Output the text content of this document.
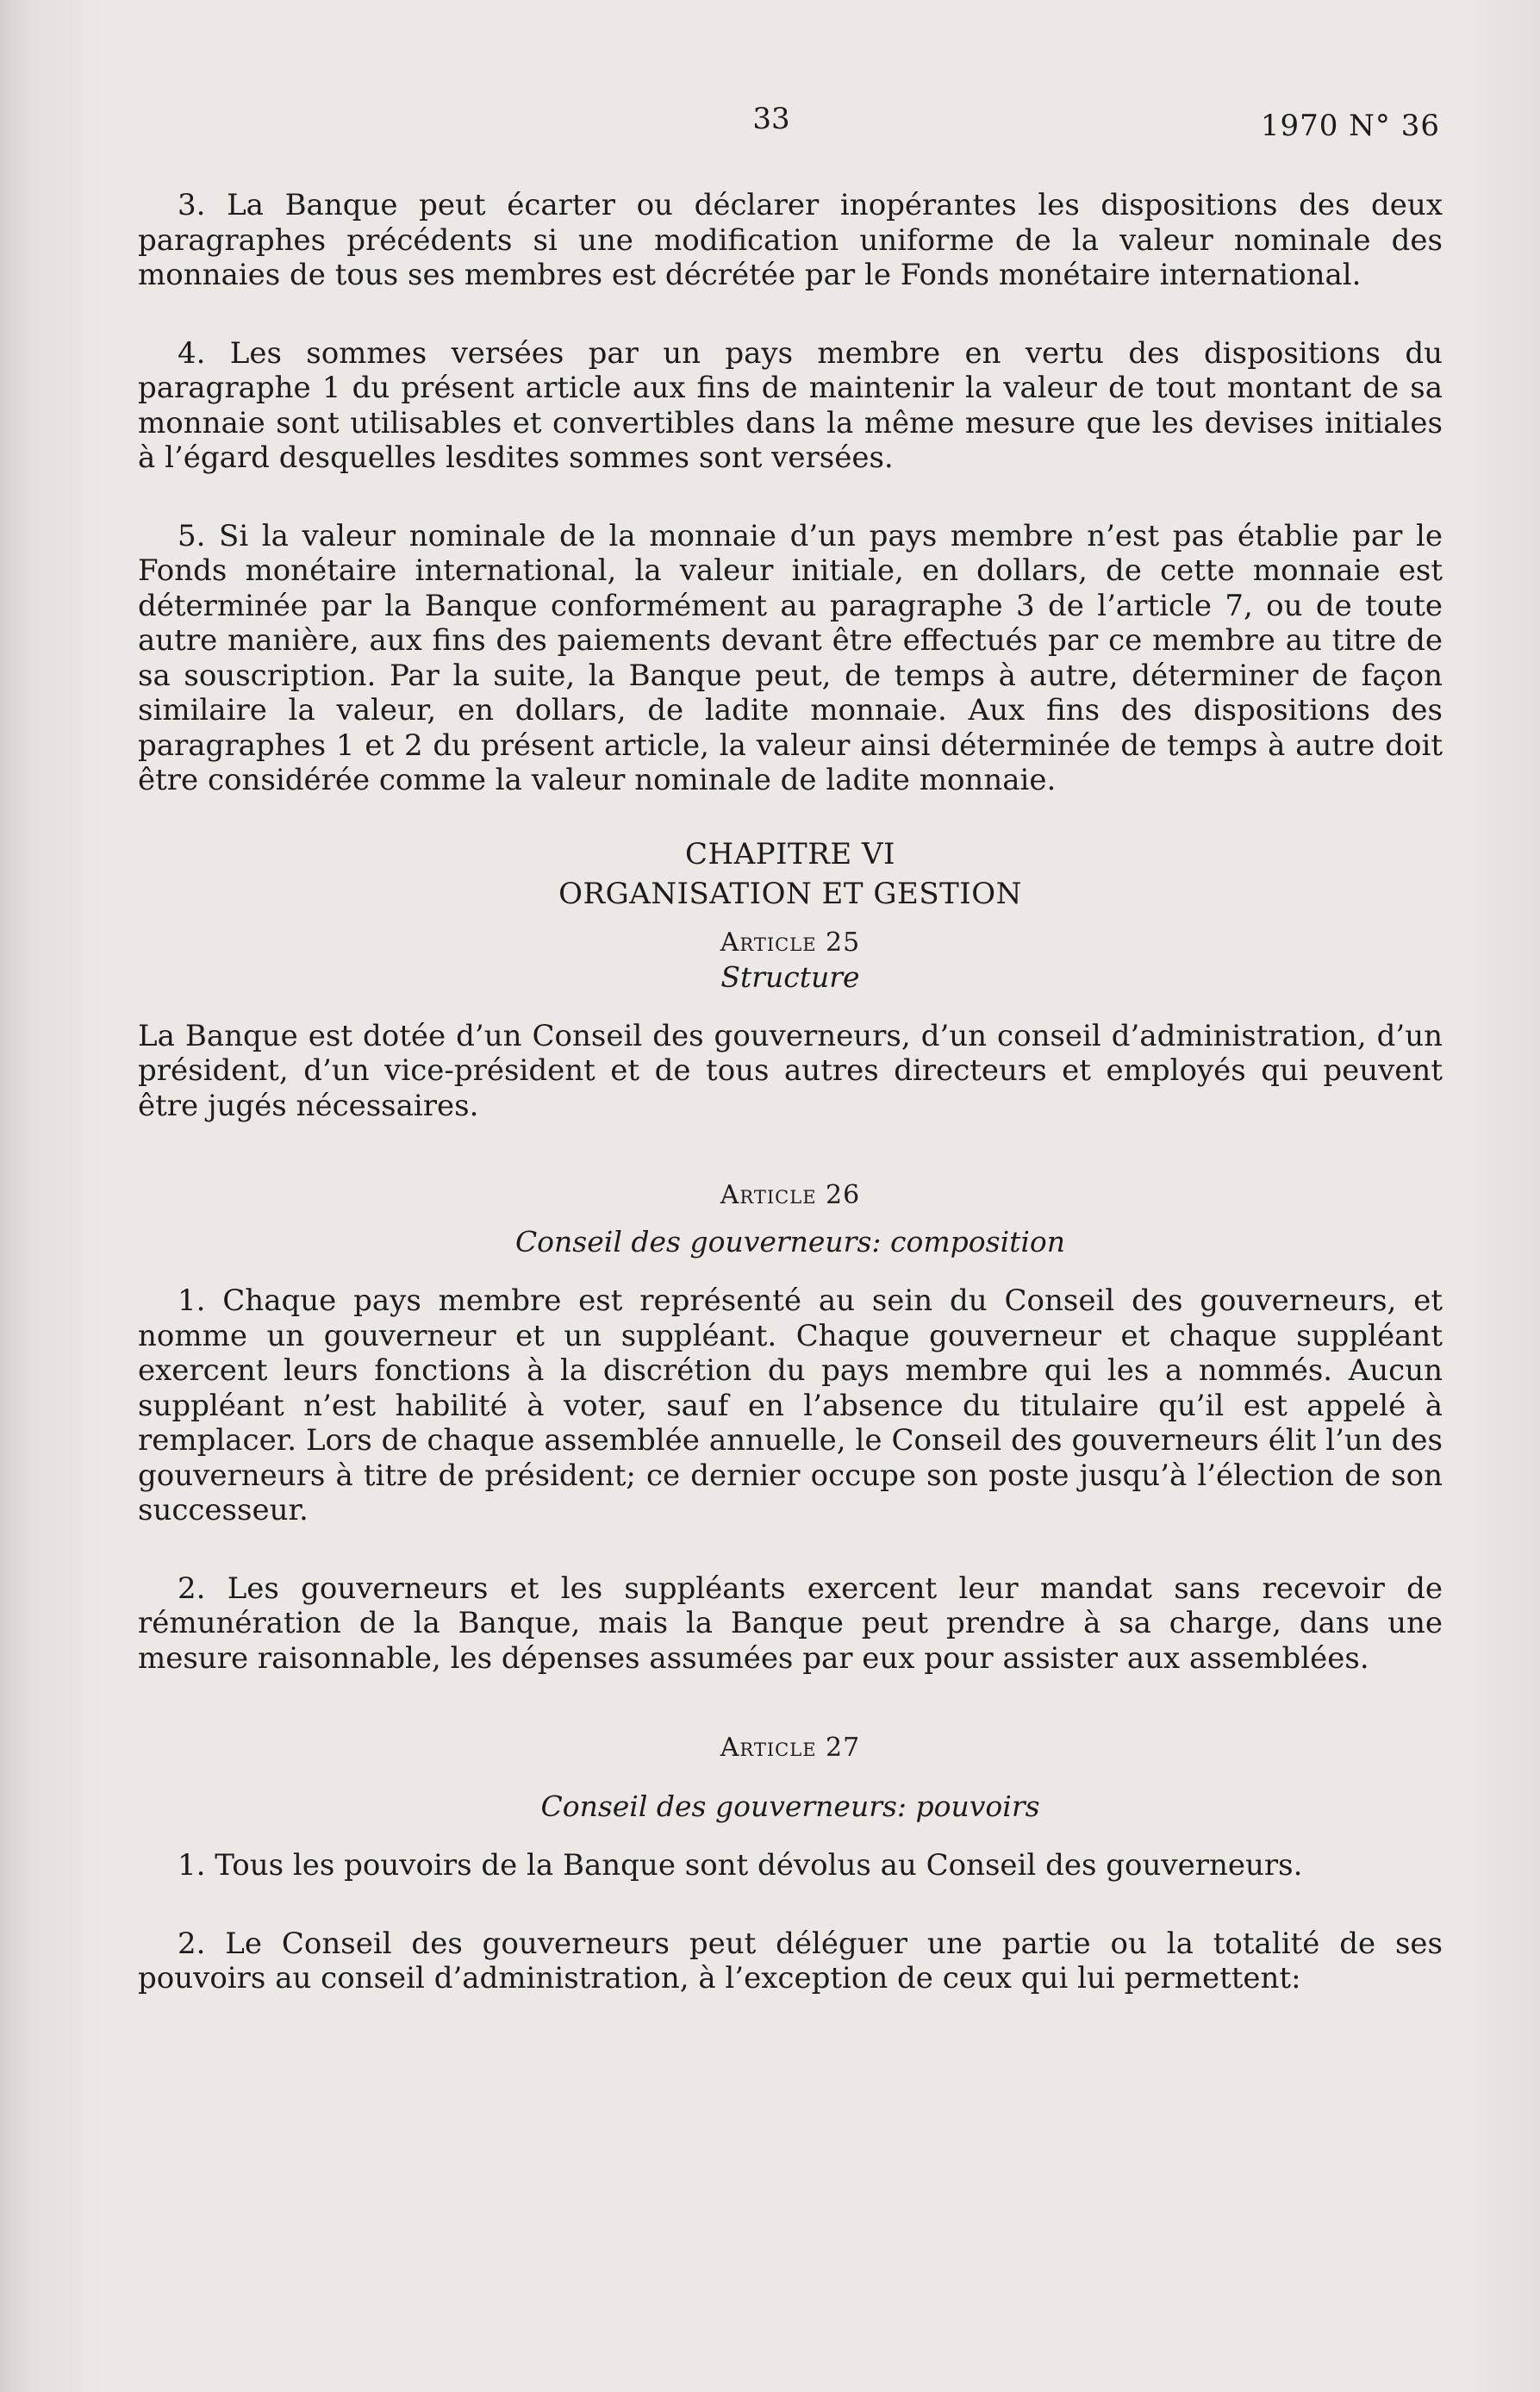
33	1970 N° 36

3. La Banque peut écarter ou déclarer inopérantes les dispositions des deux paragraphes précédents si une modification uniforme de la valeur nominale des monnaies de tous ses membres est décrétée par le Fonds monétaire international.

4. Les sommes versées par un pays membre en vertu des dispositions du paragraphe 1 du présent article aux fins de maintenir la valeur de tout montant de sa monnaie sont utilisables et convertibles dans la même mesure que les devises initiales à l’égard desquelles lesdites sommes sont versées.

5. Si la valeur nominale de la monnaie d’un pays membre n’est pas établie par le Fonds monétaire international, la valeur initiale, en dollars, de cette monnaie est déterminée par la Banque conformément au paragraphe 3 de l’article 7, ou de toute autre manière, aux fins des paiements devant être effectués par ce membre au titre de sa souscription. Par la suite, la Banque peut, de temps à autre, déterminer de façon similaire la valeur, en dollars, de ladite monnaie. Aux fins des dispositions des paragraphes 1 et 2 du présent article, la valeur ainsi déterminée de temps à autre doit être considérée comme la valeur nominale de ladite monnaie.

CHAPITRE VI

ORGANISATION ET GESTION

Article 25

Structure

La Banque est dotée d’un Conseil des gouverneurs, d’un conseil d’administration, d’un président, d’un vice-président et de tous autres directeurs et employés qui peuvent être jugés nécessaires.

Article 26

Conseil des gouverneurs: composition

1. Chaque pays membre est représenté au sein du Conseil des gouverneurs, et nomme un gouverneur et un suppléant. Chaque gouverneur et chaque suppléant exercent leurs fonctions à la discrétion du pays membre qui les a nommés. Aucun suppléant n’est habilité à voter, sauf en l’absence du titulaire qu’il est appelé à remplacer. Lors de chaque assemblée annuelle, le Conseil des gouverneurs élit l’un des gouverneurs à titre de président; ce dernier occupe son poste jusqu’à l’élection de son successeur.

2. Les gouverneurs et les suppléants exercent leur mandat sans recevoir de rémunération de la Banque, mais la Banque peut prendre à sa charge, dans une mesure raisonnable, les dépenses assumées par eux pour assister aux assemblées.

Article 27

Conseil des gouverneurs: pouvoirs

1. Tous les pouvoirs de la Banque sont dévolus au Conseil des gouverneurs.

2. Le Conseil des gouverneurs peut déléguer une partie ou la totalité de ses pouvoirs au conseil d’administration, à l’exception de ceux qui lui permettent:
